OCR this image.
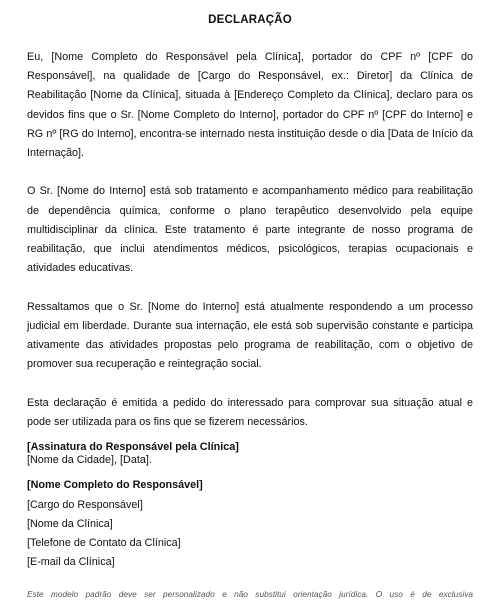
DECLARAÇÃO

Eu, [Nome Completo do Responsável pela Clínica], portador do CPF nº [CPF do Responsável], na qualidade de [Cargo do Responsável, ex.: Diretor] da Clínica de Reabilitação [Nome da Clínica], situada à [Endereço Completo da Clínica], declaro para os devidos fins que o Sr. [Nome Completo do Interno], portador do CPF nº [CPF do Interno] e RG nº [RG do Interno], encontra-se internado nesta instituição desde o dia [Data de Início da Internação].

O Sr. [Nome do Interno] está sob tratamento e acompanhamento médico para reabilitação de dependência química, conforme o plano terapêutico desenvolvido pela equipe multidisciplinar da clínica. Este tratamento é parte integrante de nosso programa de reabilitação, que inclui atendimentos médicos, psicológicos, terapias ocupacionais e atividades educativas.

Ressaltamos que o Sr. [Nome do Interno] está atualmente respondendo a um processo judicial em liberdade. Durante sua internação, ele está sob supervisão constante e participa ativamente das atividades propostas pelo programa de reabilitação, com o objetivo de promover sua recuperação e reintegração social.

Esta declaração é emitida a pedido do interessado para comprovar sua situação atual e pode ser utilizada para os fins que se fizerem necessários.

[Nome da Cidade], [Data].

[Assinatura do Responsável pela Clínica]

[Nome Completo do Responsável]

[Cargo do Responsável]

[Nome da Clínica]

[Telefone de Contato da Clínica]

[E-mail da Clínica]

Este modelo padrão deve ser personalizado e não substitui orientação jurídica. O uso é de exclusiva
